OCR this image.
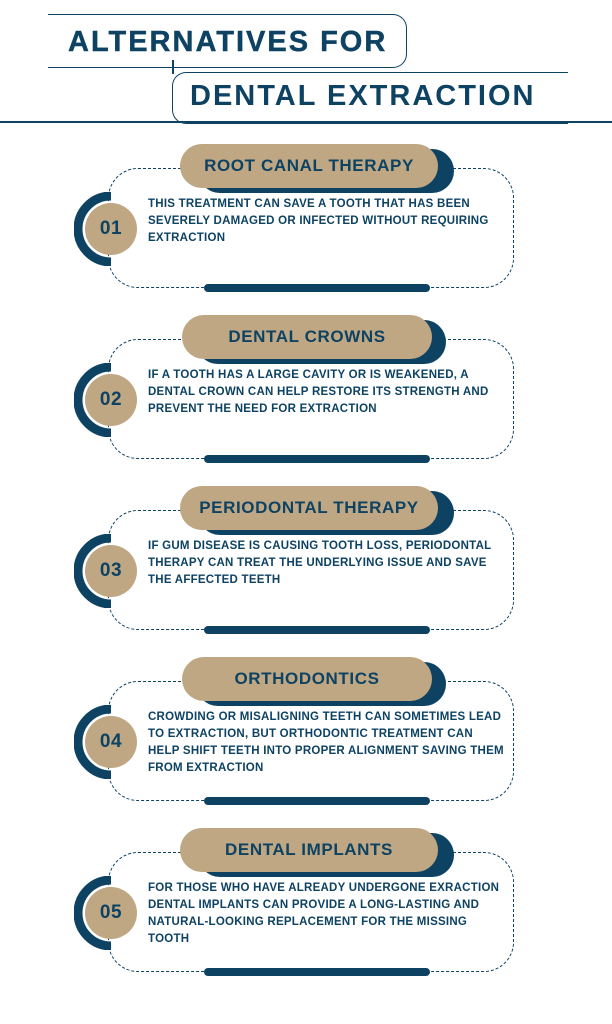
ALTERNATIVES FOR
DENTAL EXTRACTION
ROOT CANAL THERAPY
01
THIS TREATMENT CAN SAVE A TOOTH THAT HAS BEEN SEVERELY DAMAGED OR INFECTED WITHOUT REQUIRING EXTRACTION
DENTAL CROWNS
02
IF A TOOTH HAS A LARGE CAVITY OR IS WEAKENED, A DENTAL CROWN CAN HELP RESTORE ITS STRENGTH AND PREVENT THE NEED FOR EXTRACTION
PERIODONTAL THERAPY
03
IF GUM DISEASE IS CAUSING TOOTH LOSS, PERIODONTAL THERAPY CAN TREAT THE UNDERLYING ISSUE AND SAVE THE AFFECTED TEETH
ORTHODONTICS
04
CROWDING OR MISALIGNING TEETH CAN SOMETIMES LEAD TO EXTRACTION, BUT ORTHODONTIC TREATMENT CAN HELP SHIFT TEETH INTO PROPER ALIGNMENT SAVING THEM FROM EXTRACTION
DENTAL IMPLANTS
05
FOR THOSE WHO HAVE ALREADY UNDERGONE EXRACTION DENTAL IMPLANTS CAN PROVIDE A LONG-LASTING AND NATURAL-LOOKING REPLACEMENT FOR THE MISSING TOOTH
